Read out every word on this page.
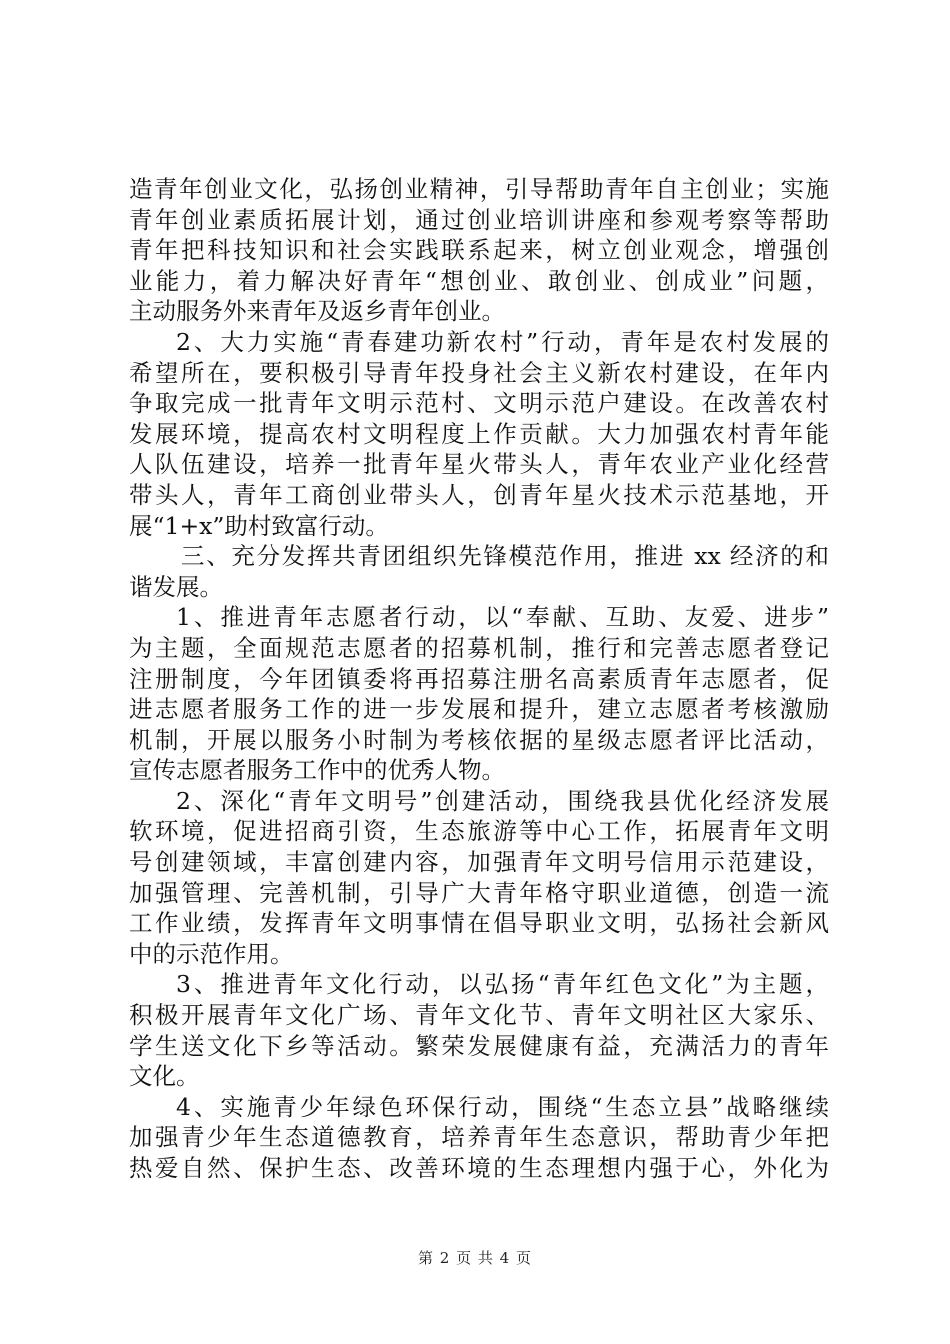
造青年创业文化，弘扬创业精神，引导帮助青年自主创业；实施
青年创业素质拓展计划，通过创业培训讲座和参观考察等帮助
青年把科技知识和社会实践联系起来，树立创业观念，增强创
业能力，着力解决好青年“想创业、敢创业、创成业”问题，
主动服务外来青年及返乡青年创业。
2、大力实施“青春建功新农村”行动，青年是农村发展的
希望所在，要积极引导青年投身社会主义新农村建设，在年内
争取完成一批青年文明示范村、文明示范户建设。在改善农村
发展环境，提高农村文明程度上作贡献。大力加强农村青年能
人队伍建设，培养一批青年星火带头人，青年农业产业化经营
带头人，青年工商创业带头人，创青年星火技术示范基地，开
展“1+x”助村致富行动。
三、充分发挥共青团组织先锋模范作用，推进 xx 经济的和
谐发展。
1、推进青年志愿者行动，以“奉献、互助、友爱、进步”
为主题，全面规范志愿者的招募机制，推行和完善志愿者登记
注册制度，今年团镇委将再招募注册名高素质青年志愿者，促
进志愿者服务工作的进一步发展和提升，建立志愿者考核激励
机制，开展以服务小时制为考核依据的星级志愿者评比活动，
宣传志愿者服务工作中的优秀人物。
2、深化“青年文明号”创建活动，围绕我县优化经济发展
软环境，促进招商引资，生态旅游等中心工作，拓展青年文明
号创建领域，丰富创建内容，加强青年文明号信用示范建设，
加强管理、完善机制，引导广大青年格守职业道德，创造一流
工作业绩，发挥青年文明事情在倡导职业文明，弘扬社会新风
中的示范作用。
3、推进青年文化行动，以弘扬“青年红色文化”为主题，
积极开展青年文化广场、青年文化节、青年文明社区大家乐、
学生送文化下乡等活动。繁荣发展健康有益，充满活力的青年
文化。
4、实施青少年绿色环保行动，围绕“生态立县”战略继续
加强青少年生态道德教育，培养青年生态意识，帮助青少年把
热爱自然、保护生态、改善环境的生态理想内强于心，外化为
第 2 页 共 4 页
